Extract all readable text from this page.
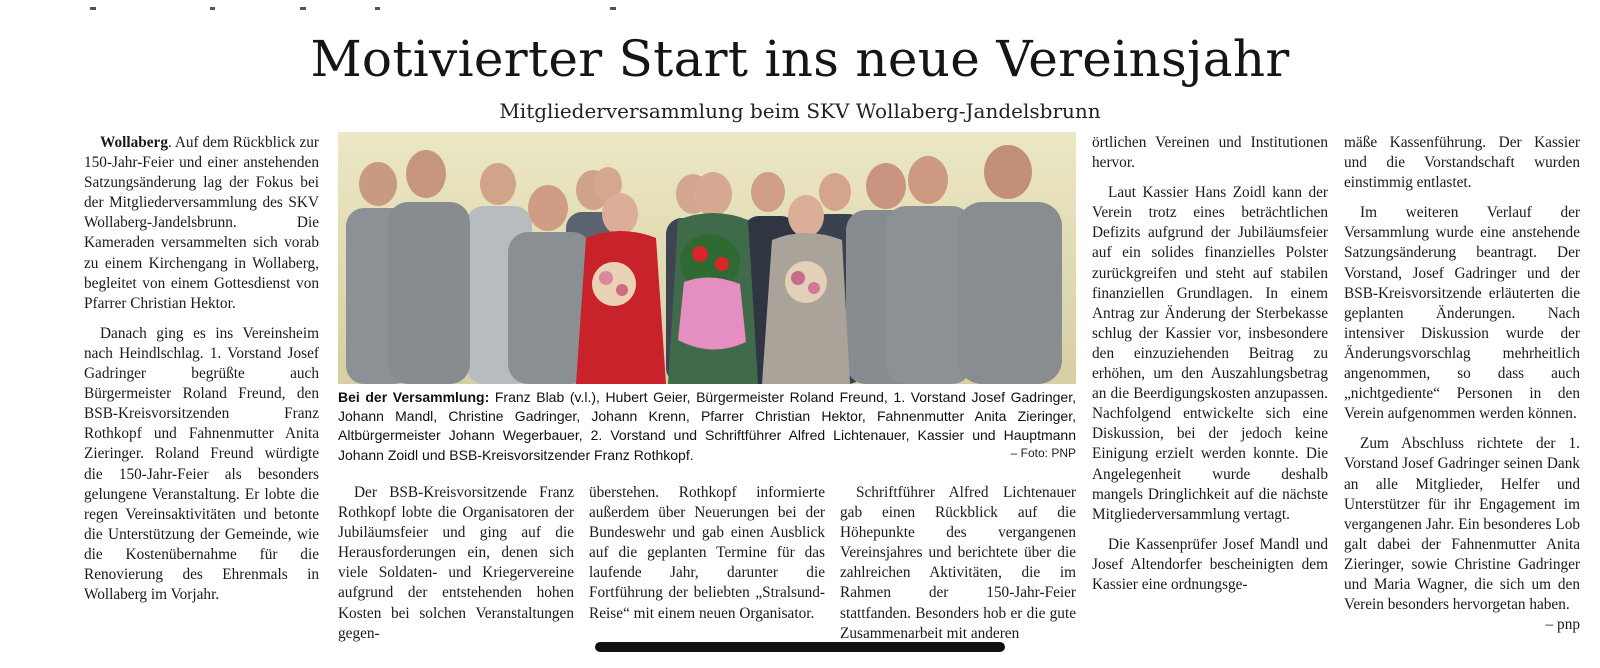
Motivierter Start ins neue Vereinsjahr
Mitgliederversammlung beim SKV Wollaberg-Jandelsbrunn

Wollaberg. Auf dem Rückblick zur 150-Jahr-Feier und einer anstehenden Satzungsänderung lag der Fokus bei der Mitgliederversammlung des SKV Wollaberg-Jandelsbrunn. Die Kameraden versammelten sich vorab zu einem Kirchengang in Wollaberg, begleitet von einem Gottesdienst von Pfarrer Christian Hektor.

Danach ging es ins Vereinsheim nach Heindlschlag. 1. Vorstand Josef Gadringer begrüßte auch Bürgermeister Roland Freund, den BSB-Kreisvorsitzenden Franz Rothkopf und Fahnenmutter Anita Zieringer. Roland Freund würdigte die 150-Jahr-Feier als besonders gelungene Veranstaltung. Er lobte die regen Vereinsaktivitäten und betonte die Unterstützung der Gemeinde, wie die Kostenübernahme für die Renovierung des Ehrenmals in Wollaberg im Vorjahr.

Bei der Versammlung: Franz Blab (v.l.), Hubert Geier, Bürgermeister Roland Freund, 1. Vorstand Josef Gadringer, Johann Mandl, Christine Gadringer, Johann Krenn, Pfarrer Christian Hektor, Fahnenmutter Anita Zieringer, Altbürgermeister Johann Wegerbauer, 2. Vorstand und Schriftführer Alfred Lichtenauer, Kassier und Hauptmann Johann Zoidl und BSB-Kreisvorsitzender Franz Rothkopf.	– Foto: PNP

Der BSB-Kreisvorsitzende Franz Rothkopf lobte die Organisatoren der Jubiläumsfeier und ging auf die Herausforderungen ein, denen sich viele Soldaten- und Kriegervereine aufgrund der entstehenden hohen Kosten bei solchen Veranstaltungen gegen-

überstehen. Rothkopf informierte außerdem über Neuerungen bei der Bundeswehr und gab einen Ausblick auf die geplanten Termine für das laufende Jahr, darunter die Fortführung der beliebten „Stralsund-Reise“ mit einem neuen Organisator.

Schriftführer Alfred Lichtenauer gab einen Rückblick auf die Höhepunkte des vergangenen Vereinsjahres und berichtete über die zahlreichen Aktivitäten, die im Rahmen der 150-Jahr-Feier stattfanden. Besonders hob er die gute Zusammenarbeit mit anderen

örtlichen Vereinen und Institutionen hervor.

Laut Kassier Hans Zoidl kann der Verein trotz eines beträchtlichen Defizits aufgrund der Jubiläumsfeier auf ein solides finanzielles Polster zurückgreifen und steht auf stabilen finanziellen Grundlagen. In einem Antrag zur Änderung der Sterbekasse schlug der Kassier vor, insbesondere den einzuziehenden Beitrag zu erhöhen, um den Auszahlungsbetrag an die Beerdigungskosten anzupassen. Nachfolgend entwickelte sich eine Diskussion, bei der jedoch keine Einigung erzielt werden konnte. Die Angelegenheit wurde deshalb mangels Dringlichkeit auf die nächste Mitgliederversammlung vertagt.

Die Kassenprüfer Josef Mandl und Josef Altendorfer bescheinigten dem Kassier eine ordnungsge-

mäße Kassenführung. Der Kassier und die Vorstandschaft wurden einstimmig entlastet.

Im weiteren Verlauf der Versammlung wurde eine anstehende Satzungsänderung beantragt. Der Vorstand, Josef Gadringer und der BSB-Kreisvorsitzende erläuterten die geplanten Änderungen. Nach intensiver Diskussion wurde der Änderungsvorschlag mehrheitlich angenommen, so dass auch „nichtgediente“ Personen in den Verein aufgenommen werden können.

Zum Abschluss richtete der 1. Vorstand Josef Gadringer seinen Dank an alle Mitglieder, Helfer und Unterstützer für ihr Engagement im vergangenen Jahr. Ein besonderes Lob galt dabei der Fahnenmutter Anita Zieringer, sowie Christine Gadringer und Maria Wagner, die sich um den Verein besonders hervorgetan haben.
– pnp
